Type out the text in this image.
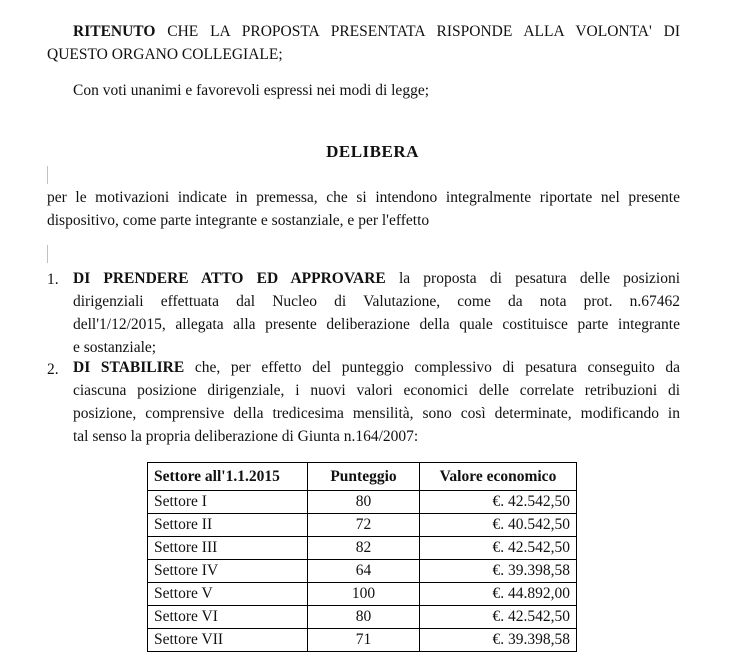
RITENUTO CHE LA PROPOSTA PRESENTATA RISPONDE ALLA VOLONTA' DI
QUESTO ORGANO COLLEGIALE;
Con voti unanimi e favorevoli espressi nei modi di legge;
DELIBERA
per le motivazioni indicate in premessa, che si intendono integralmente riportate nel presente
dispositivo, come parte integrante e sostanziale, e per l'effetto
1. DI PRENDERE ATTO ED APPROVARE la proposta di pesatura delle posizioni
dirigenziali effettuata dal Nucleo di Valutazione, come da nota prot. n.67462
dell'1/12/2015, allegata alla presente deliberazione della quale costituisce parte integrante
e sostanziale;
2. DI STABILIRE che, per effetto del punteggio complessivo di pesatura conseguito da
ciascuna posizione dirigenziale, i nuovi valori economici delle correlate retribuzioni di
posizione, comprensive della tredicesima mensilità, sono così determinate, modificando in
tal senso la propria deliberazione di Giunta n.164/2007:
Settore all'1.1.2015	Punteggio	Valore economico
Settore I	80	€. 42.542,50
Settore II	72	€. 40.542,50
Settore III	82	€. 42.542,50
Settore IV	64	€. 39.398,58
Settore V	100	€. 44.892,00
Settore VI	80	€. 42.542,50
Settore VII	71	€. 39.398,58
